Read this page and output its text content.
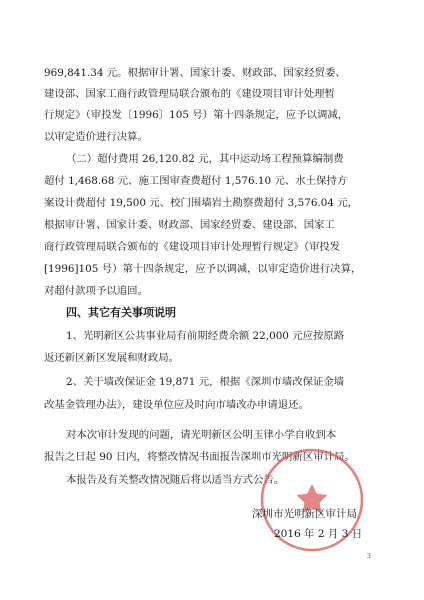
969,841.34 元。根据审计署、国家计委、财政部、国家经贸委、
建设部、国家工商行政管理局联合颁布的《建设项目审计处理暂
行规定》（审投发〔1996〕105 号）第十四条规定，应予以调减，
以审定造价进行决算。
（二）超付费用 26,120.82 元，其中运动场工程预算编制费
超付 1,468.68 元、施工图审查费超付 1,576.10 元、水土保持方
案设计费超付 19,500 元、校门围墙岩土勘察费超付 3,576.04 元，
根据审计署、国家计委、财政部、国家经贸委、建设部、国家工
商行政管理局联合颁布的《建设项目审计处理暂行规定》（审投发
[1996]105 号）第十四条规定，应予以调减，以审定造价进行决算，
对超付款项予以追回。
四、其它有关事项说明
1、光明新区公共事业局有前期经费余额 22,000 元应按原路
返还新区新区发展和财政局。
2、关于墙改保证金 19,871 元，根据《深圳市墙改保证金墙
改基金管理办法》，建设单位应及时向市墙改办申请退还。
对本次审计发现的问题，请光明新区公明玉律小学自收到本
报告之日起 90 日内，将整改情况书面报告深圳市光明新区审计局。
本报告及有关整改情况随后将以适当方式公告。
深圳市光明新区审计局
2016 年 2 月 3 日
3
